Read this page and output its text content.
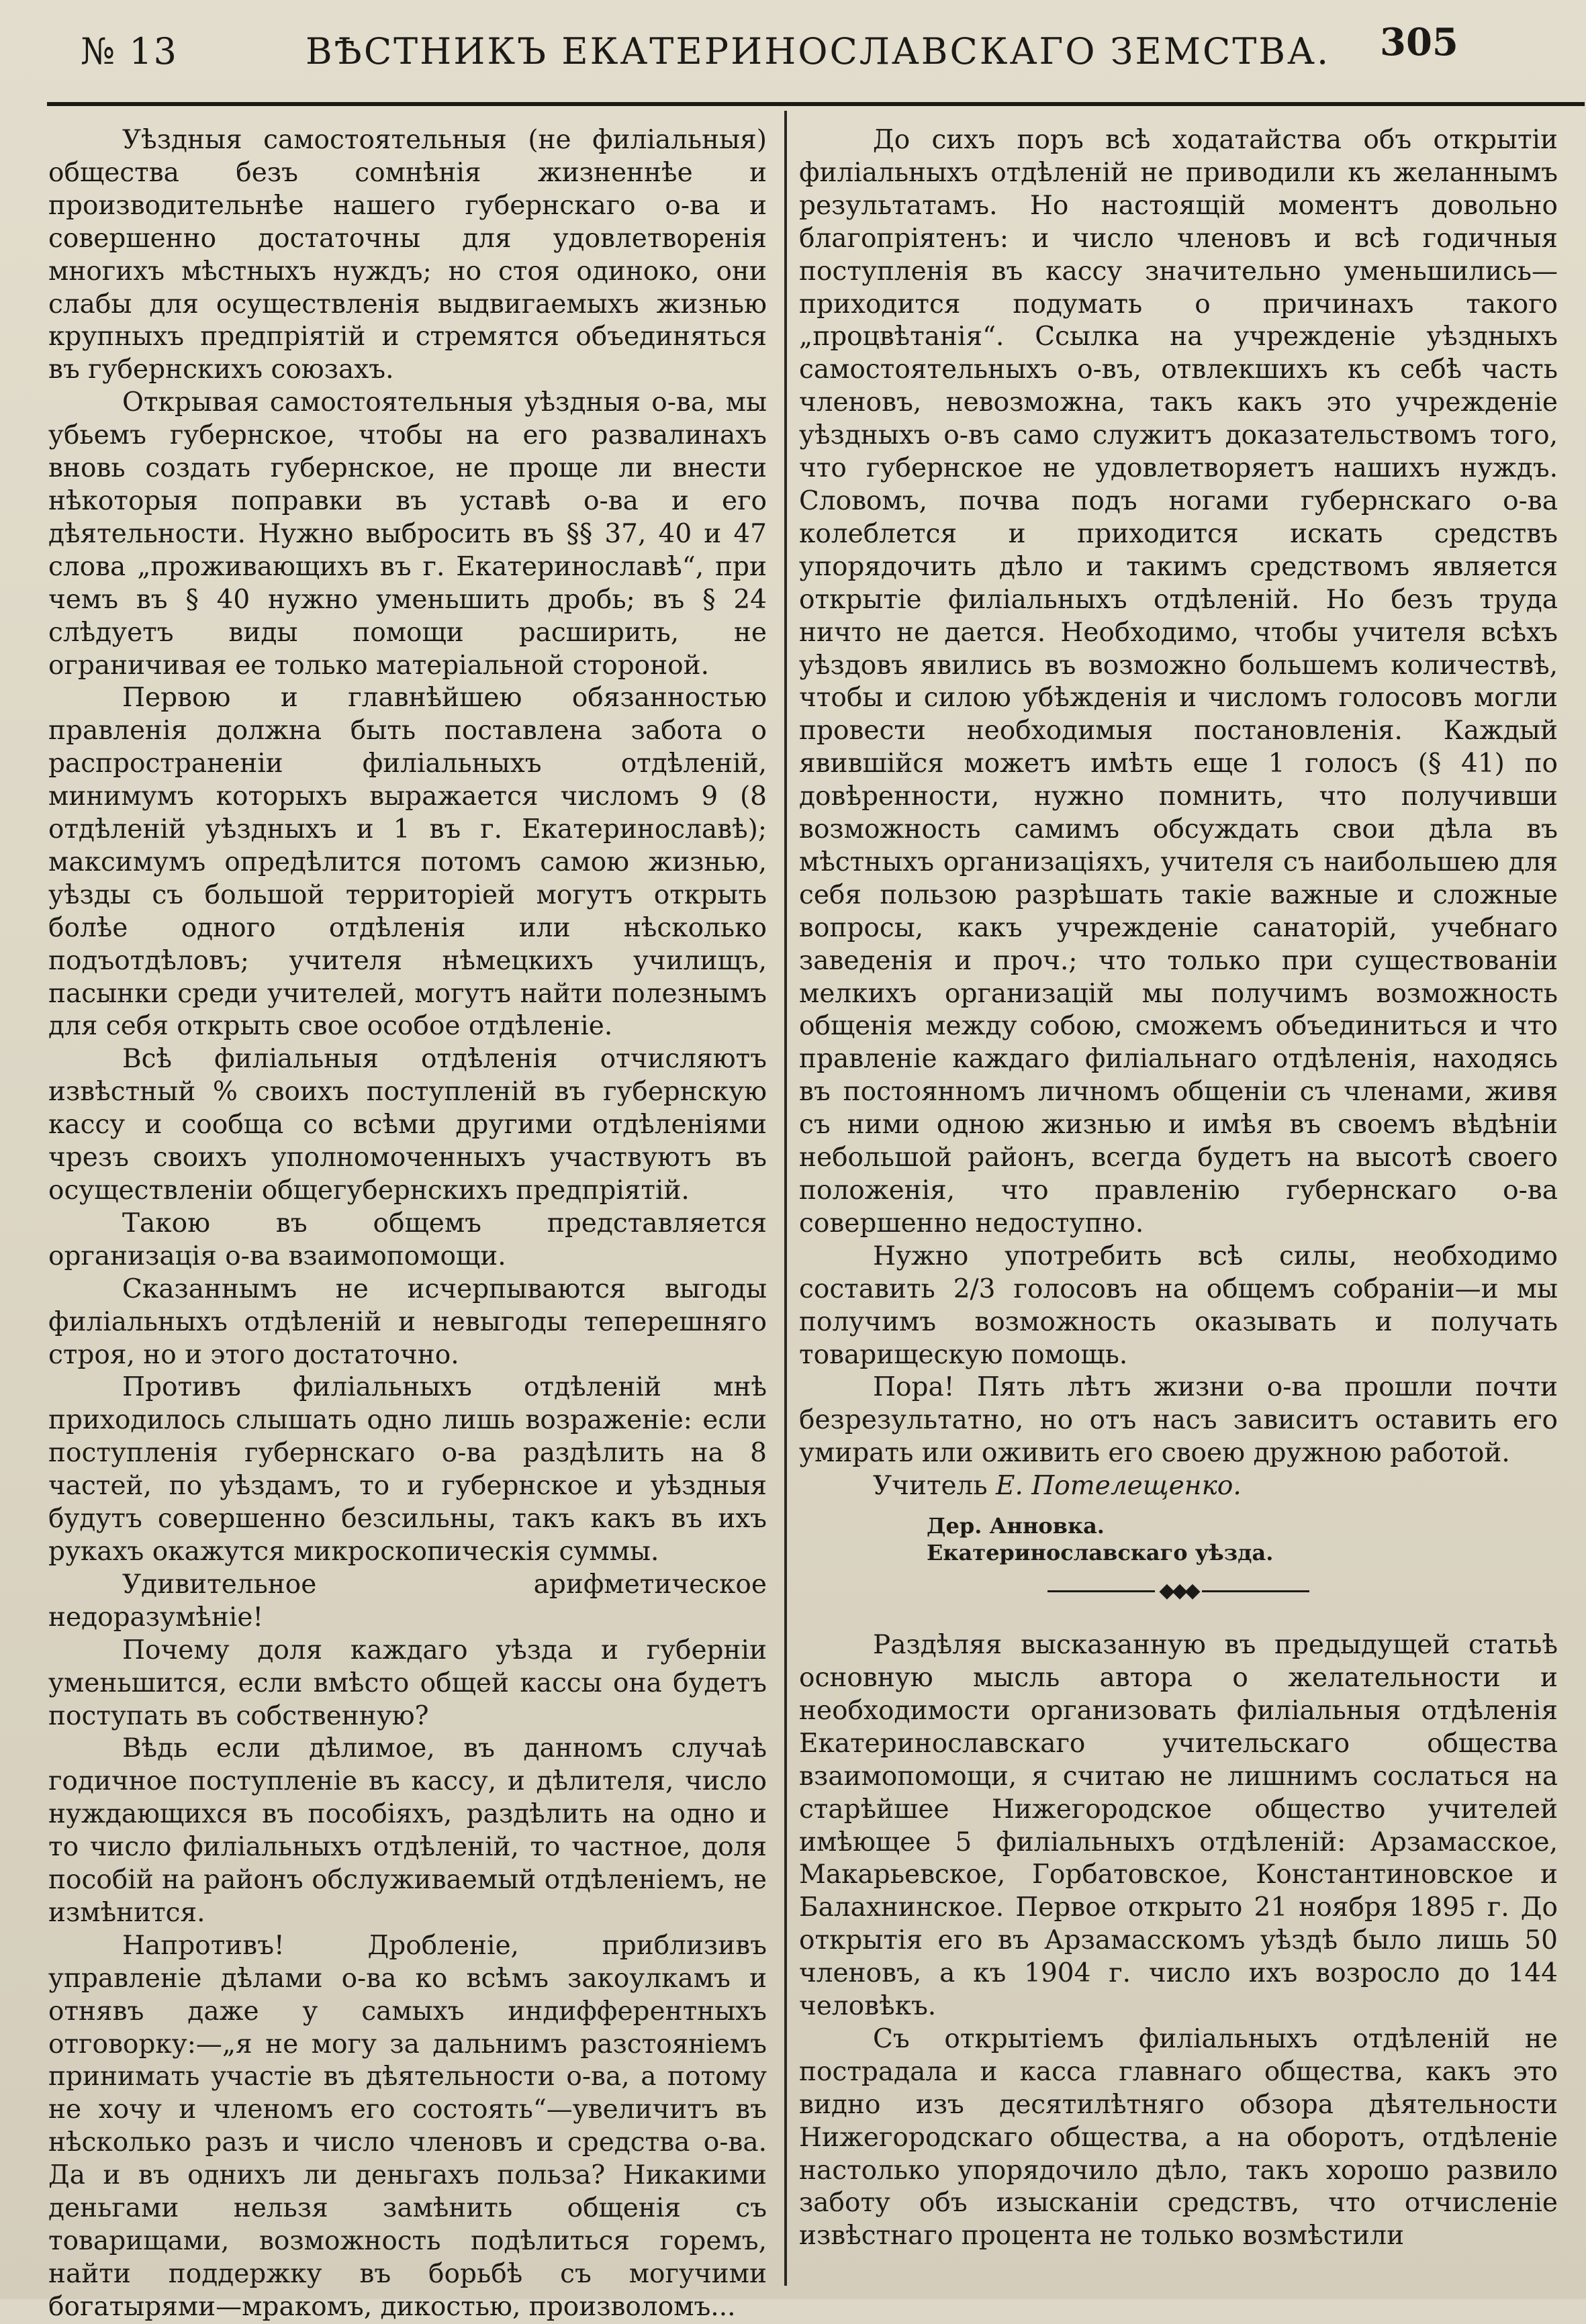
№ 13	ВѢСТНИКЪ ЕКАТЕРИНОСЛАВСКАГО ЗЕМСТВА. 305

Уѣздныя самостоятельныя (не филіальныя) общества безъ сомнѣнія жизненнѣе и производительнѣе нашего губернскаго о-ва и совершенно достаточны для удовлетворенія многихъ мѣстныхъ нуждъ; но стоя одиноко, они слабы для осуществленія выдвигаемыхъ жизнью крупныхъ предпріятій и стремятся объединяться въ губернскихъ союзахъ.

Открывая самостоятельныя уѣздныя о-ва, мы убьемъ губернское, чтобы на его развалинахъ вновь создать губернское, не проще ли внести нѣкоторыя поправки въ уставѣ о-ва и его дѣятельности. Нужно выбросить въ §§ 37, 40 и 47 слова „проживающихъ въ г. Екатеринославѣ“, при чемъ въ § 40 нужно уменьшить дробь; въ § 24 слѣдуетъ виды помощи расширить, не ограничивая ее только матеріальной стороной.

Первою и главнѣйшею обязанностью правленія должна быть поставлена забота о распространеніи филіальныхъ отдѣленій, минимумъ которыхъ выражается числомъ 9 (8 отдѣленій уѣздныхъ и 1 въ г. Екатеринославѣ); максимумъ опредѣлится потомъ самою жизнью, уѣзды съ большой территоріей могутъ открыть болѣе одного отдѣленія или нѣсколько подъотдѣловъ; учителя нѣмецкихъ училищъ, пасынки среди учителей, могутъ найти полезнымъ для себя открыть свое особое отдѣленіе.

Всѣ филіальныя отдѣленія отчисляютъ извѣстный % своихъ поступленій въ губернскую кассу и сообща со всѣми другими отдѣленіями чрезъ своихъ уполномоченныхъ участвуютъ въ осуществленіи общегубернскихъ предпріятій.

Такою въ общемъ представляется организація о-ва взаимопомощи.

Сказаннымъ не исчерпываются выгоды филіальныхъ отдѣленій и невыгоды теперешняго строя, но и этого достаточно.

Противъ филіальныхъ отдѣленій мнѣ приходилось слышать одно лишь возраженіе: если поступленія губернскаго о-ва раздѣлить на 8 частей, по уѣздамъ, то и губернское и уѣздныя будутъ совершенно безсильны, такъ какъ въ ихъ рукахъ окажутся микроскопическія суммы.

Удивительное арифметическое недоразумѣніе!

Почему доля каждаго уѣзда и губерніи уменьшится, если вмѣсто общей кассы она будетъ поступать въ собственную?

Вѣдь если дѣлимое, въ данномъ случаѣ годичное поступленіе въ кассу, и дѣлителя, число нуждающихся въ пособіяхъ, раздѣлить на одно и то число филіальныхъ отдѣленій, то частное, доля пособій на районъ обслуживаемый отдѣленіемъ, не измѣнится.

Напротивъ! Дробленіе, приблизивъ управленіе дѣлами о-ва ко всѣмъ закоулкамъ и отнявъ даже у самыхъ индифферентныхъ отговорку:—„я не могу за дальнимъ разстояніемъ принимать участіе въ дѣятельности о-ва, а потому не хочу и членомъ его состоять“—увеличитъ въ нѣсколько разъ и число членовъ и средства о-ва. Да и въ однихъ ли деньгахъ польза? Никакими деньгами нельзя замѣнить общенія съ товарищами, возможность подѣлиться горемъ, найти поддержку въ борьбѣ съ могучими богатырями—мракомъ, дикостью, произволомъ...

До сихъ поръ всѣ ходатайства объ открытіи филіальныхъ отдѣленій не приводили къ желаннымъ результатамъ. Но настоящій моментъ довольно благопріятенъ: и число членовъ и всѣ годичныя поступленія въ кассу значительно уменьшились—приходится подумать о причинахъ такого „процвѣтанія“. Ссылка на учрежденіе уѣздныхъ самостоятельныхъ о-въ, отвлекшихъ къ себѣ часть членовъ, невозможна, такъ какъ это учрежденіе уѣздныхъ о-въ само служитъ доказательствомъ того, что губернское не удовлетворяетъ нашихъ нуждъ. Словомъ, почва подъ ногами губернскаго о-ва колеблется и приходится искать средствъ упорядочить дѣло и такимъ средствомъ является открытіе филіальныхъ отдѣленій. Но безъ труда ничто не дается. Необходимо, чтобы учителя всѣхъ уѣздовъ явились въ возможно большемъ количествѣ, чтобы и силою убѣжденія и числомъ голосовъ могли провести необходимыя постановленія. Каждый явившійся можетъ имѣть еще 1 голосъ (§ 41) по довѣренности, нужно помнить, что получивши возможность самимъ обсуждать свои дѣла въ мѣстныхъ организаціяхъ, учителя съ наибольшею для себя пользою разрѣшать такіе важные и сложные вопросы, какъ учрежденіе санаторій, учебнаго заведенія и проч.; что только при существованіи мелкихъ организацій мы получимъ возможность общенія между собою, сможемъ объединиться и что правленіе каждаго филіальнаго отдѣленія, находясь въ постоянномъ личномъ общеніи съ членами, живя съ ними одною жизнью и имѣя въ своемъ вѣдѣніи небольшой районъ, всегда будетъ на высотѣ своего положенія, что правленію губернскаго о-ва совершенно недоступно.

Нужно употребить всѣ силы, необходимо составить 2/3 голосовъ на общемъ собраніи—и мы получимъ возможность оказывать и получать товарищескую помощь.

Пора! Пять лѣтъ жизни о-ва прошли почти безрезультатно, но отъ насъ зависитъ оставить его умирать или оживить его своею дружною работой.

Учитель Е. Потелещенко.

Дер. Анновка.
Екатеринославскаго уѣзда.
◆◆◆

Раздѣляя высказанную въ предыдущей статьѣ основную мысль автора о желательности и необходимости организовать филіальныя отдѣленія Екатеринославскаго учительскаго общества взаимопомощи, я считаю не лишнимъ сослаться на старѣйшее Нижегородское общество учителей имѣющее 5 филіальныхъ отдѣленій: Арзамасское, Макарьевское, Горбатовское, Константиновское и Балахнинское. Первое открыто 21 ноября 1895 г. До открытія его въ Арзамасскомъ уѣздѣ было лишь 50 членовъ, а къ 1904 г. число ихъ возросло до 144 человѣкъ.

Съ открытіемъ филіальныхъ отдѣленій не пострадала и касса главнаго общества, какъ это видно изъ десятилѣтняго обзора дѣятельности Нижегородскаго общества, а на оборотъ, отдѣленіе настолько упорядочило дѣло, такъ хорошо развило заботу объ изысканіи средствъ, что отчисленіе извѣстнаго процента не только возмѣстили
